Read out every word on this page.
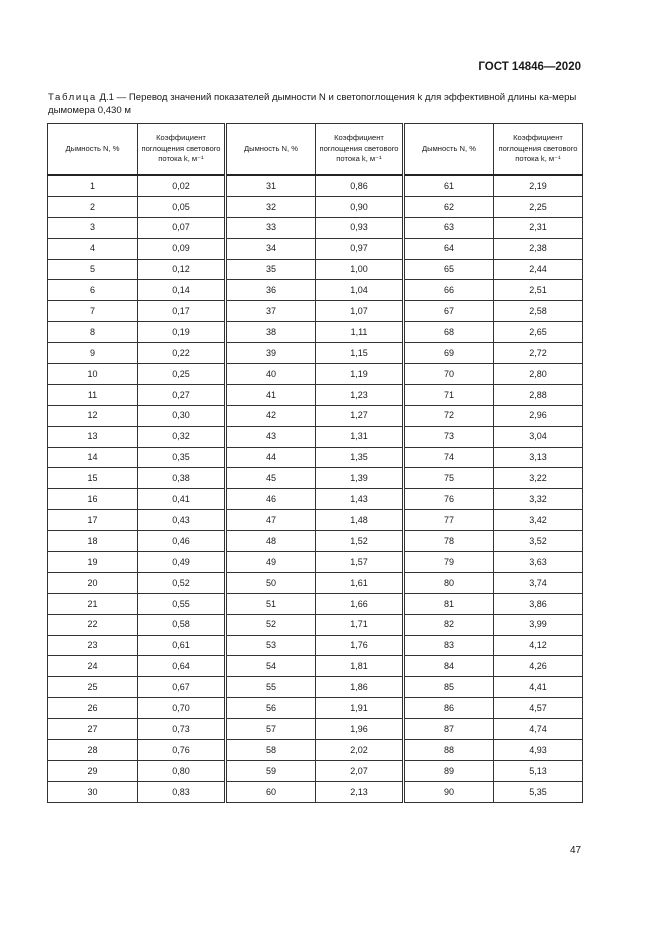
ГОСТ 14846—2020
Таблица Д.1 — Перевод значений показателей дымности N и светопоглощения k для эффективной длины ка-меры дымомера 0,430 м
Дымность N, %	Коэффициент поглощения светового потока k, м⁻¹	Дымность N, %	Коэффициент поглощения светового потока k, м⁻¹	Дымность N, %	Коэффициент поглощения светового потока k, м⁻¹
1	0,02	31	0,86	61	2,19
2	0,05	32	0,90	62	2,25
3	0,07	33	0,93	63	2,31
4	0,09	34	0,97	64	2,38
5	0,12	35	1,00	65	2,44
6	0,14	36	1,04	66	2,51
7	0,17	37	1,07	67	2,58
8	0,19	38	1,11	68	2,65
9	0,22	39	1,15	69	2,72
10	0,25	40	1,19	70	2,80
11	0,27	41	1,23	71	2,88
12	0,30	42	1,27	72	2,96
13	0,32	43	1,31	73	3,04
14	0,35	44	1,35	74	3,13
15	0,38	45	1,39	75	3,22
16	0,41	46	1,43	76	3,32
17	0,43	47	1,48	77	3,42
18	0,46	48	1,52	78	3,52
19	0,49	49	1,57	79	3,63
20	0,52	50	1,61	80	3,74
21	0,55	51	1,66	81	3,86
22	0,58	52	1,71	82	3,99
23	0,61	53	1,76	83	4,12
24	0,64	54	1,81	84	4,26
25	0,67	55	1,86	85	4,41
26	0,70	56	1,91	86	4,57
27	0,73	57	1,96	87	4,74
28	0,76	58	2,02	88	4,93
29	0,80	59	2,07	89	5,13
30	0,83	60	2,13	90	5,35
47
